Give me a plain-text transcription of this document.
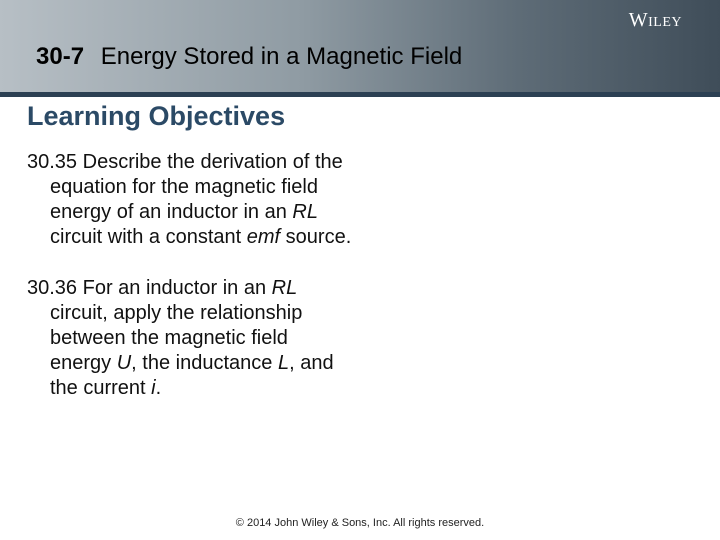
Wiley
30-7 Energy Stored in a Magnetic Field
Learning Objectives
30.35 Describe the derivation of the
equation for the magnetic field
energy of an inductor in an RL
circuit with a constant emf source.
30.36 For an inductor in an RL
circuit, apply the relationship
between the magnetic field
energy U, the inductance L, and
the current i.
© 2014 John Wiley & Sons, Inc. All rights reserved.
